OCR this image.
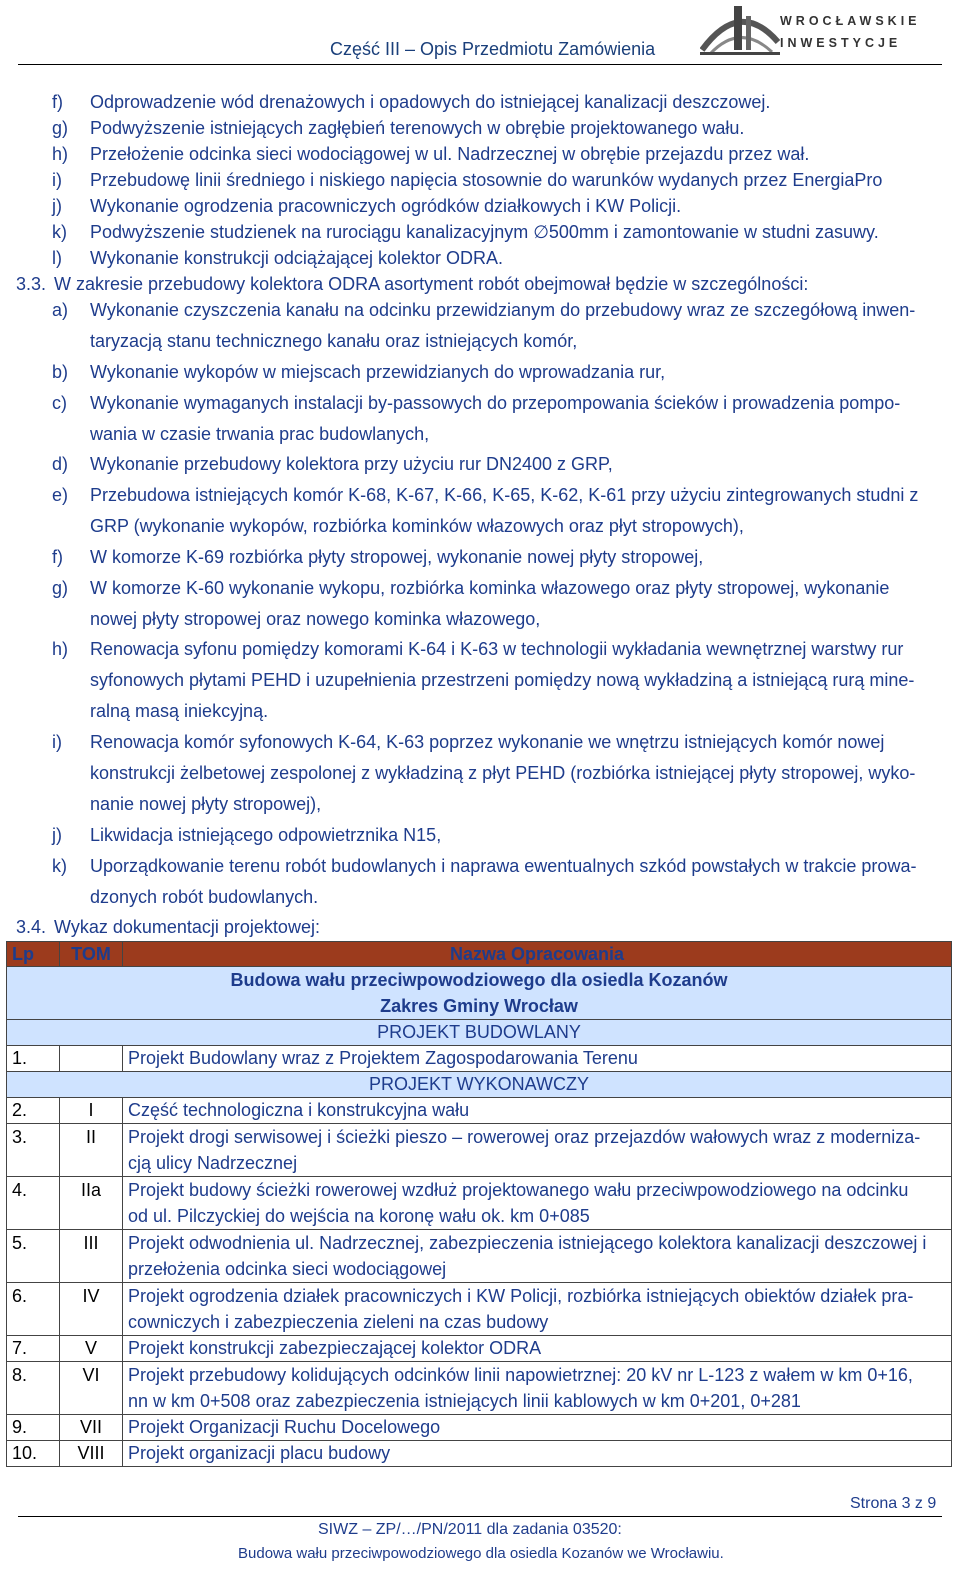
Część III – Opis Przedmiotu Zamówienia
WROCŁAWSKIE
INWESTYCJE
f) Odprowadzenie wód drenażowych i opadowych do istniejącej kanalizacji deszczowej.
g) Podwyższenie istniejących zagłębień terenowych w obrębie projektowanego wału.
h) Przełożenie odcinka sieci wodociągowej w ul. Nadrzecznej w obrębie przejazdu przez wał.
i) Przebudowę linii średniego i niskiego napięcia stosownie do warunków wydanych przez EnergiaPro
j) Wykonanie ogrodzenia pracowniczych ogródków działkowych i KW Policji.
k) Podwyższenie studzienek na rurociągu kanalizacyjnym ∅500mm i zamontowanie w studni zasuwy.
l) Wykonanie konstrukcji odciążającej kolektor ODRA.
3.3. W zakresie przebudowy kolektora ODRA asortyment robót obejmował będzie w szczególności:
a) Wykonanie czyszczenia kanału na odcinku przewidzianym do przebudowy wraz ze szczegółową inwen-
taryzacją stanu technicznego kanału oraz istniejących komór,
b) Wykonanie wykopów w miejscach przewidzianych do wprowadzania rur,
c) Wykonanie wymaganych instalacji by-passowych do przepompowania ścieków i prowadzenia pompo-
wania w czasie trwania prac budowlanych,
d) Wykonanie przebudowy kolektora przy użyciu rur DN2400 z GRP,
e) Przebudowa istniejących komór K-68, K-67, K-66, K-65, K-62, K-61 przy użyciu zintegrowanych studni z
GRP (wykonanie wykopów, rozbiórka kominków włazowych oraz płyt stropowych),
f) W komorze K-69 rozbiórka płyty stropowej, wykonanie nowej płyty stropowej,
g) W komorze K-60 wykonanie wykopu, rozbiórka kominka włazowego oraz płyty stropowej, wykonanie
nowej płyty stropowej oraz nowego kominka włazowego,
h) Renowacja syfonu pomiędzy komorami K-64 i K-63 w technologii wykładania wewnętrznej warstwy rur
syfonowych płytami PEHD i uzupełnienia przestrzeni pomiędzy nową wykładziną a istniejącą rurą mine-
ralną masą iniekcyjną.
i) Renowacja komór syfonowych K-64, K-63 poprzez wykonanie we wnętrzu istniejących komór nowej
konstrukcji żelbetowej zespolonej z wykładziną z płyt PEHD (rozbiórka istniejącej płyty stropowej, wyko-
nanie nowej płyty stropowej),
j) Likwidacja istniejącego odpowietrznika N15,
k) Uporządkowanie terenu robót budowlanych i naprawa ewentualnych szkód powstałych w trakcie prowa-
dzonych robót budowlanych.
3.4. Wykaz dokumentacji projektowej:
Lp	TOM	Nazwa Opracowania

Budowa wału przeciwpowodziowego dla osiedla Kozanów
Zakres Gminy Wrocław		

PROJEKT BUDOWLANY		
1.		Projekt Budowlany wraz z Projektem Zagospodarowania Terenu
PROJEKT WYKONAWCZY		
2.	I	Część technologiczna i konstrukcyjna wału
3.	II	Projekt drogi serwisowej i ścieżki pieszo – rowerowej oraz przejazdów wałowych wraz z moderniza-
cją ulicy Nadrzecznej

4.	IIa	Projekt budowy ścieżki rowerowej wzdłuż projektowanego wału przeciwpowodziowego na odcinku
od ul. Pilczyckiej do wejścia na koronę wału ok. km 0+085

5.	III	Projekt odwodnienia ul. Nadrzecznej, zabezpieczenia istniejącego kolektora kanalizacji deszczowej i
przełożenia odcinka sieci wodociągowej

6.	IV	Projekt ogrodzenia działek pracowniczych i KW Policji, rozbiórka istniejących obiektów działek pra-
cowniczych i zabezpieczenia zieleni na czas budowy

7.	V	Projekt konstrukcji zabezpieczającej kolektor ODRA
8.	VI	Projekt przebudowy kolidujących odcinków linii napowietrznej: 20 kV nr L-123 z wałem w km 0+16,
nn w km 0+508 oraz zabezpieczenia istniejących linii kablowych w km 0+201, 0+281

9.	VII	Projekt Organizacji Ruchu Docelowego
10.	VIII	Projekt organizacji placu budowy
Strona 3 z 9
SIWZ – ZP/…/PN/2011 dla zadania 03520:
Budowa wału przeciwpowodziowego dla osiedla Kozanów we Wrocławiu.
